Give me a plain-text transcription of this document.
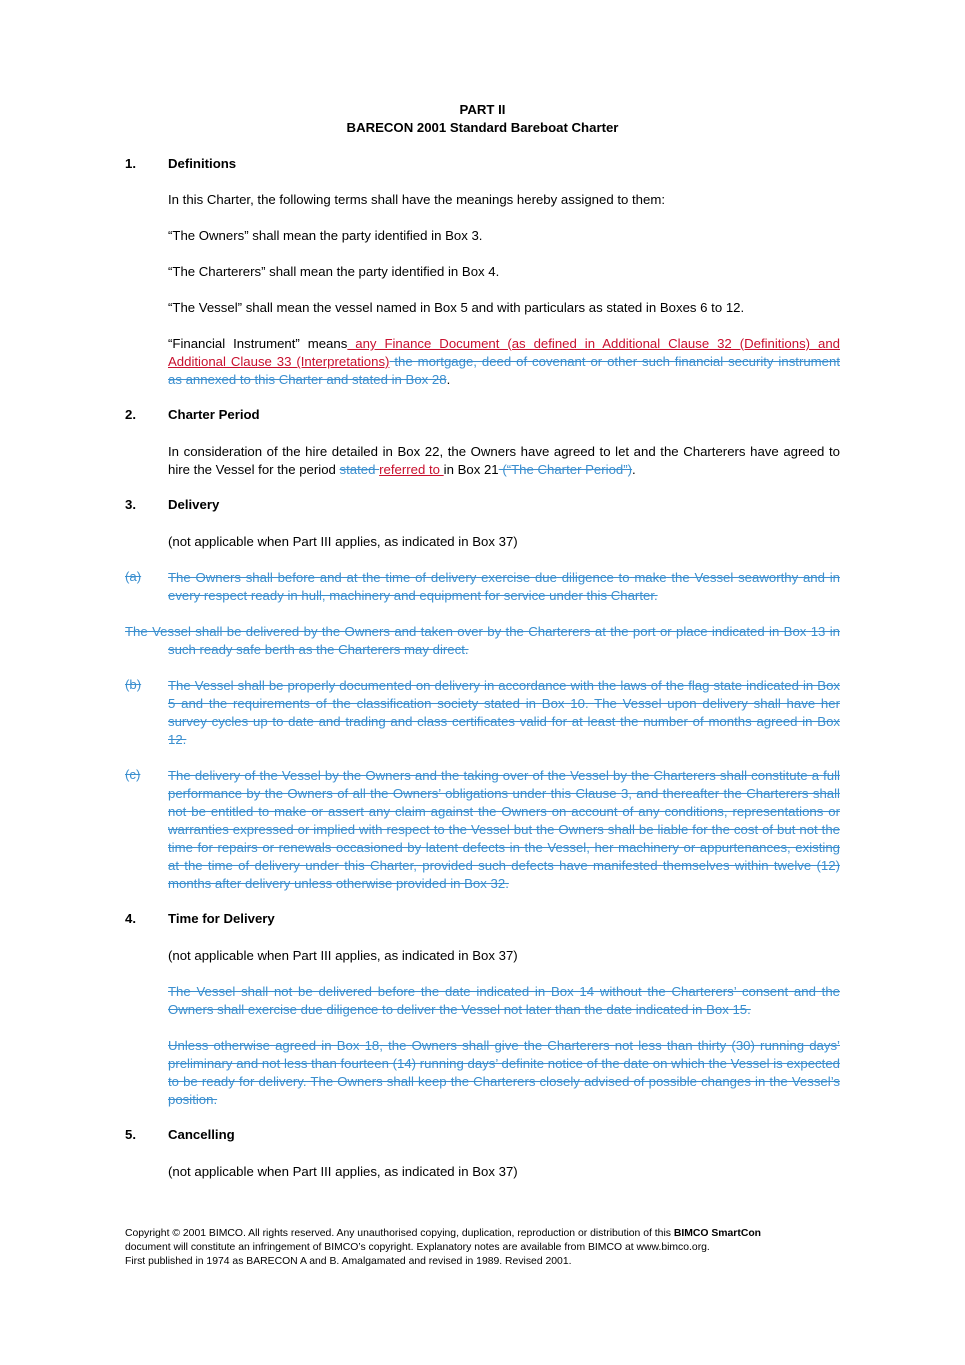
PART II
BARECON 2001 Standard Bareboat Charter
1. Definitions
In this Charter, the following terms shall have the meanings hereby assigned to them:
“The Owners” shall mean the party identified in Box 3.
“The Charterers” shall mean the party identified in Box 4.
“The Vessel” shall mean the vessel named in Box 5 and with particulars as stated in Boxes 6 to 12.
“Financial Instrument” means any Finance Document (as defined in Additional Clause 32 (Definitions) and Additional Clause 33 (Interpretations) the mortgage, deed of covenant or other such financial security instrument as annexed to this Charter and stated in Box 28.
2. Charter Period
In consideration of the hire detailed in Box 22, the Owners have agreed to let and the Charterers have agreed to hire the Vessel for the period stated referred to in Box 21 (“The Charter Period”).
3. Delivery
(not applicable when Part III applies, as indicated in Box 37)
(a) The Owners shall before and at the time of delivery exercise due diligence to make the Vessel seaworthy and in every respect ready in hull, machinery and equipment for service under this Charter.
The Vessel shall be delivered by the Owners and taken over by the Charterers at the port or place indicated in Box 13 in such ready safe berth as the Charterers may direct.
(b) The Vessel shall be properly documented on delivery in accordance with the laws of the flag state indicated in Box 5 and the requirements of the classification society stated in Box 10. The Vessel upon delivery shall have her survey cycles up to date and trading and class certificates valid for at least the number of months agreed in Box 12.
(c) The delivery of the Vessel by the Owners and the taking over of the Vessel by the Charterers shall constitute a full performance by the Owners of all the Owners’ obligations under this Clause 3, and thereafter the Charterers shall not be entitled to make or assert any claim against the Owners on account of any conditions, representations or warranties expressed or implied with respect to the Vessel but the Owners shall be liable for the cost of but not the time for repairs or renewals occasioned by latent defects in the Vessel, her machinery or appurtenances, existing at the time of delivery under this Charter, provided such defects have manifested themselves within twelve (12) months after delivery unless otherwise provided in Box 32.
4. Time for Delivery
(not applicable when Part III applies, as indicated in Box 37)
The Vessel shall not be delivered before the date indicated in Box 14 without the Charterers’ consent and the Owners shall exercise due diligence to deliver the Vessel not later than the date indicated in Box 15.
Unless otherwise agreed in Box 18, the Owners shall give the Charterers not less than thirty (30) running days’ preliminary and not less than fourteen (14) running days’ definite notice of the date on which the Vessel is expected to be ready for delivery. The Owners shall keep the Charterers closely advised of possible changes in the Vessel’s position.
5. Cancelling
(not applicable when Part III applies, as indicated in Box 37)
Copyright © 2001 BIMCO. All rights reserved. Any unauthorised copying, duplication, reproduction or distribution of this BIMCO SmartCon
document will constitute an infringement of BIMCO’s copyright. Explanatory notes are available from BIMCO at www.bimco.org.
First published in 1974 as BARECON A and B. Amalgamated and revised in 1989. Revised 2001.
